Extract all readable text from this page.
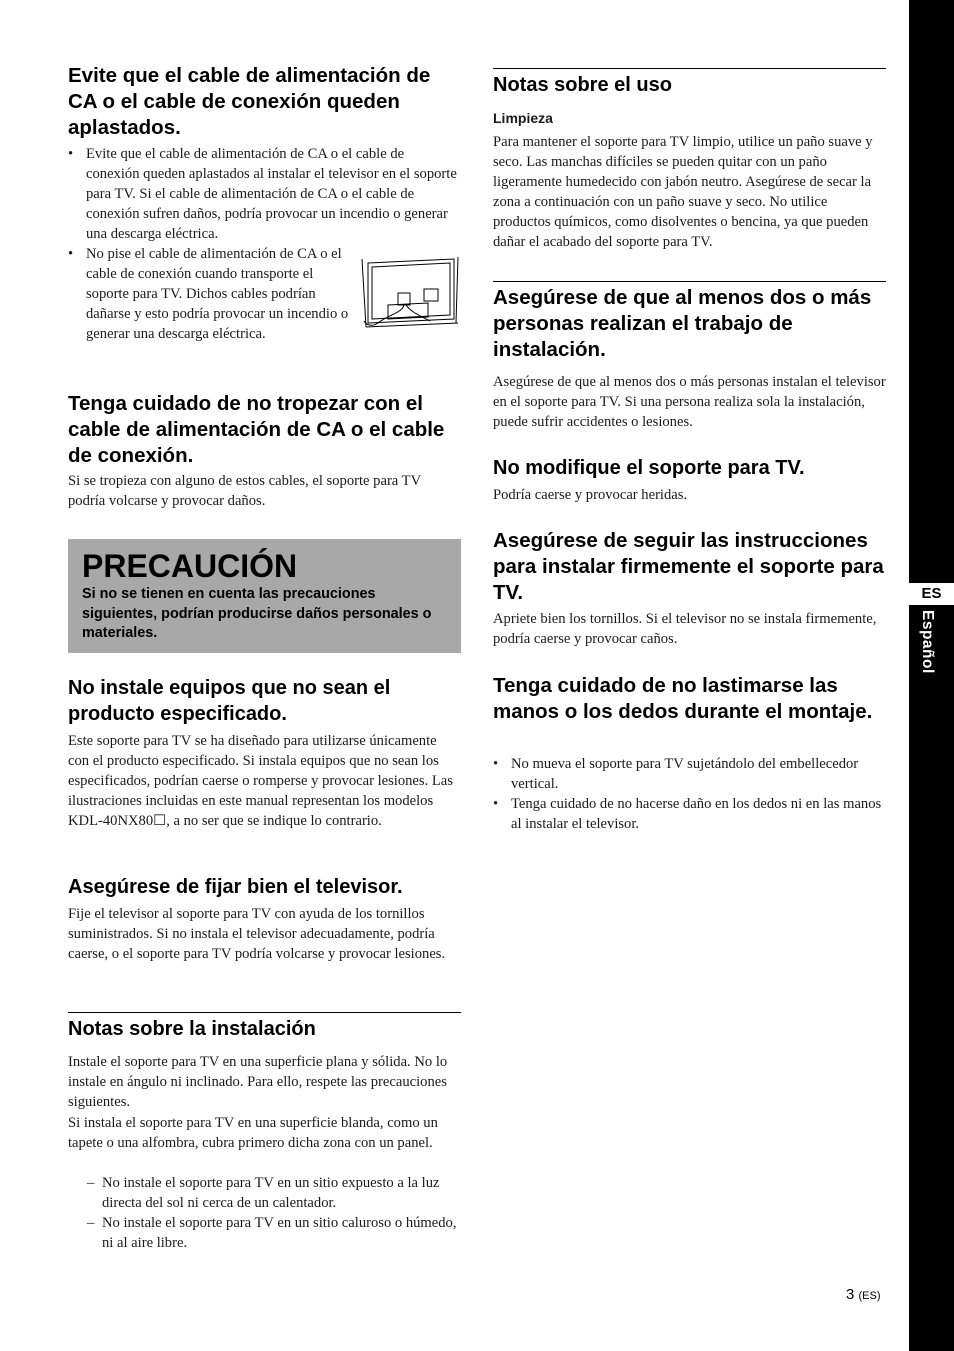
Evite que el cable de alimentación de CA o el cable de conexión queden aplastados.
• Evite que el cable de alimentación de CA o el cable de conexión queden aplastados al instalar el televisor en el soporte para TV. Si el cable de alimentación de CA o el cable de conexión sufren daños, podría provocar un incendio o generar una descarga eléctrica.
• No pise el cable de alimentación de CA o el cable de conexión cuando transporte el soporte para TV. Dichos cables podrían dañarse y esto podría provocar un incendio o generar una descarga eléctrica.
Tenga cuidado de no tropezar con el cable de alimentación de CA o el cable de conexión.

Si se tropieza con alguno de estos cables, el soporte para TV podría volcarse y provocar daños.

PRECAUCIÓN
Si no se tienen en cuenta las precauciones siguientes, podrían producirse daños personales o materiales.
No instale equipos que no sean el producto especificado.

Este soporte para TV se ha diseñado para utilizarse únicamente con el producto especificado. Si instala equipos que no sean los especificados, podrían caerse o romperse y provocar lesiones. Las ilustraciones incluidas en este manual representan los modelos KDL-40NX80☐, a no ser que se indique lo contrario.

Asegúrese de fijar bien el televisor.

Fije el televisor al soporte para TV con ayuda de los tornillos suministrados. Si no instala el televisor adecuadamente, podría caerse, o el soporte para TV podría volcarse y provocar lesiones.

Notas sobre la instalación

Instale el soporte para TV en una superficie plana y sólida. No lo instale en ángulo ni inclinado. Para ello, respete las precauciones siguientes.

Si instala el soporte para TV en una superficie blanda, como un tapete o una alfombra, cubra primero dicha zona con un panel.

– No instale el soporte para TV en un sitio expuesto a la luz directa del sol ni cerca de un calentador.
– No instale el soporte para TV en un sitio caluroso o húmedo, ni al aire libre.
Notas sobre el uso
Limpieza

Para mantener el soporte para TV limpio, utilice un paño suave y seco. Las manchas difíciles se pueden quitar con un paño ligeramente humedecido con jabón neutro. Asegúrese de secar la zona a continuación con un paño suave y seco. No utilice productos químicos, como disolventes o bencina, ya que pueden dañar el acabado del soporte para TV.

Asegúrese de que al menos dos o más personas realizan el trabajo de instalación.

Asegúrese de que al menos dos o más personas instalan el televisor en el soporte para TV. Si una persona realiza sola la instalación, puede sufrir accidentes o lesiones.

No modifique el soporte para TV.

Podría caerse y provocar heridas.

Asegúrese de seguir las instrucciones para instalar firmemente el soporte para TV.

Apriete bien los tornillos. Si el televisor no se instala firmemente, podría caerse y provocar caños.

Tenga cuidado de no lastimarse las manos o los dedos durante el montaje.
• No mueva el soporte para TV sujetándolo del embellecedor vertical.
• Tenga cuidado de no hacerse daño en los dedos ni en las manos al instalar el televisor.
ES
Español
3 (ES)
